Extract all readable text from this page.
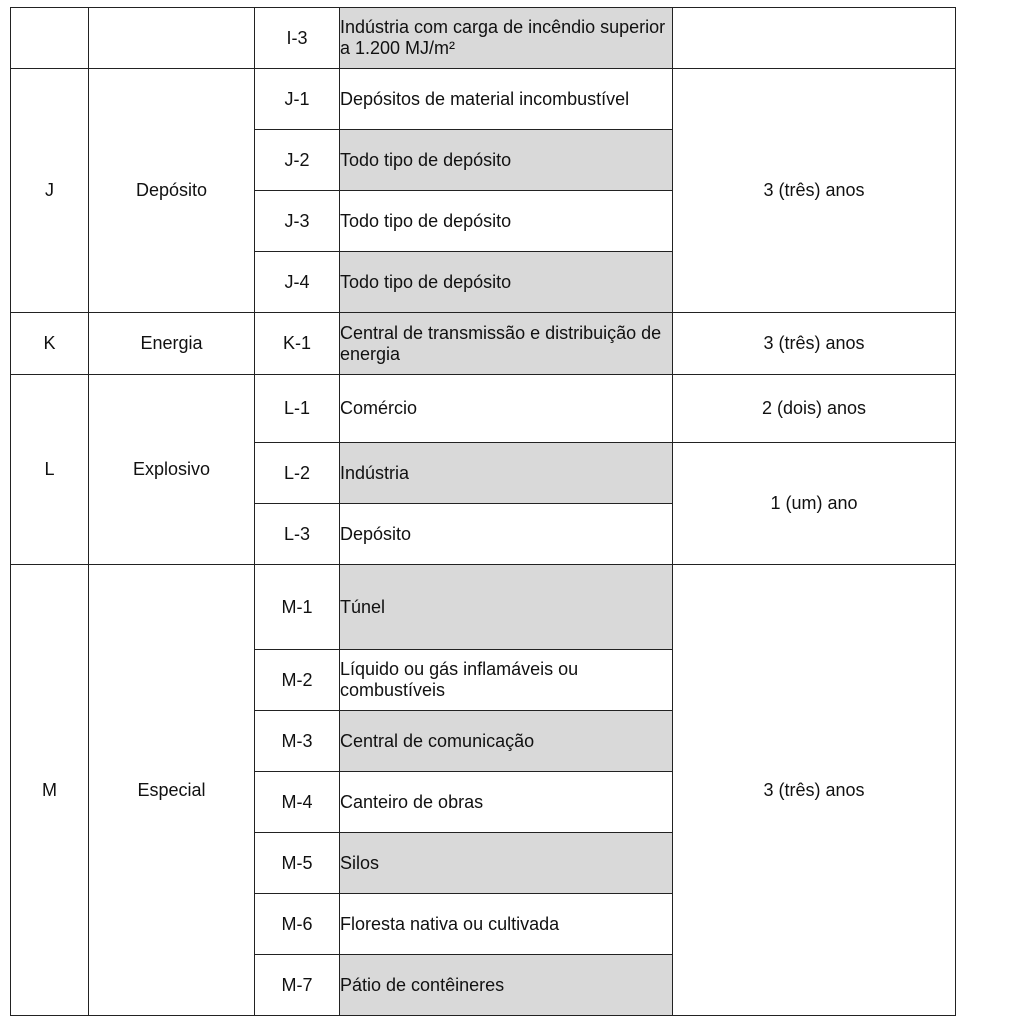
		I-3	Indústria com carga de incêndio superior a 1.200 MJ/m²	
J	Depósito	J-1	Depósitos de material incombustível	3 (três) anos
		J-2	Todo tipo de depósito	
		J-3	Todo tipo de depósito	
		J-4	Todo tipo de depósito	
K	Energia	K-1	Central de transmissão e distribuição de energia	3 (três) anos
L	Explosivo	L-1	Comércio	2 (dois) anos
		L-2	Indústria	1 (um) ano
		L-3	Depósito	
M	Especial	M-1	Túnel	3 (três) anos
		M-2	Líquido ou gás inflamáveis ou combustíveis	
		M-3	Central de comunicação	
		M-4	Canteiro de obras	
		M-5	Silos	
		M-6	Floresta nativa ou cultivada	
		M-7	Pátio de contêineres	
